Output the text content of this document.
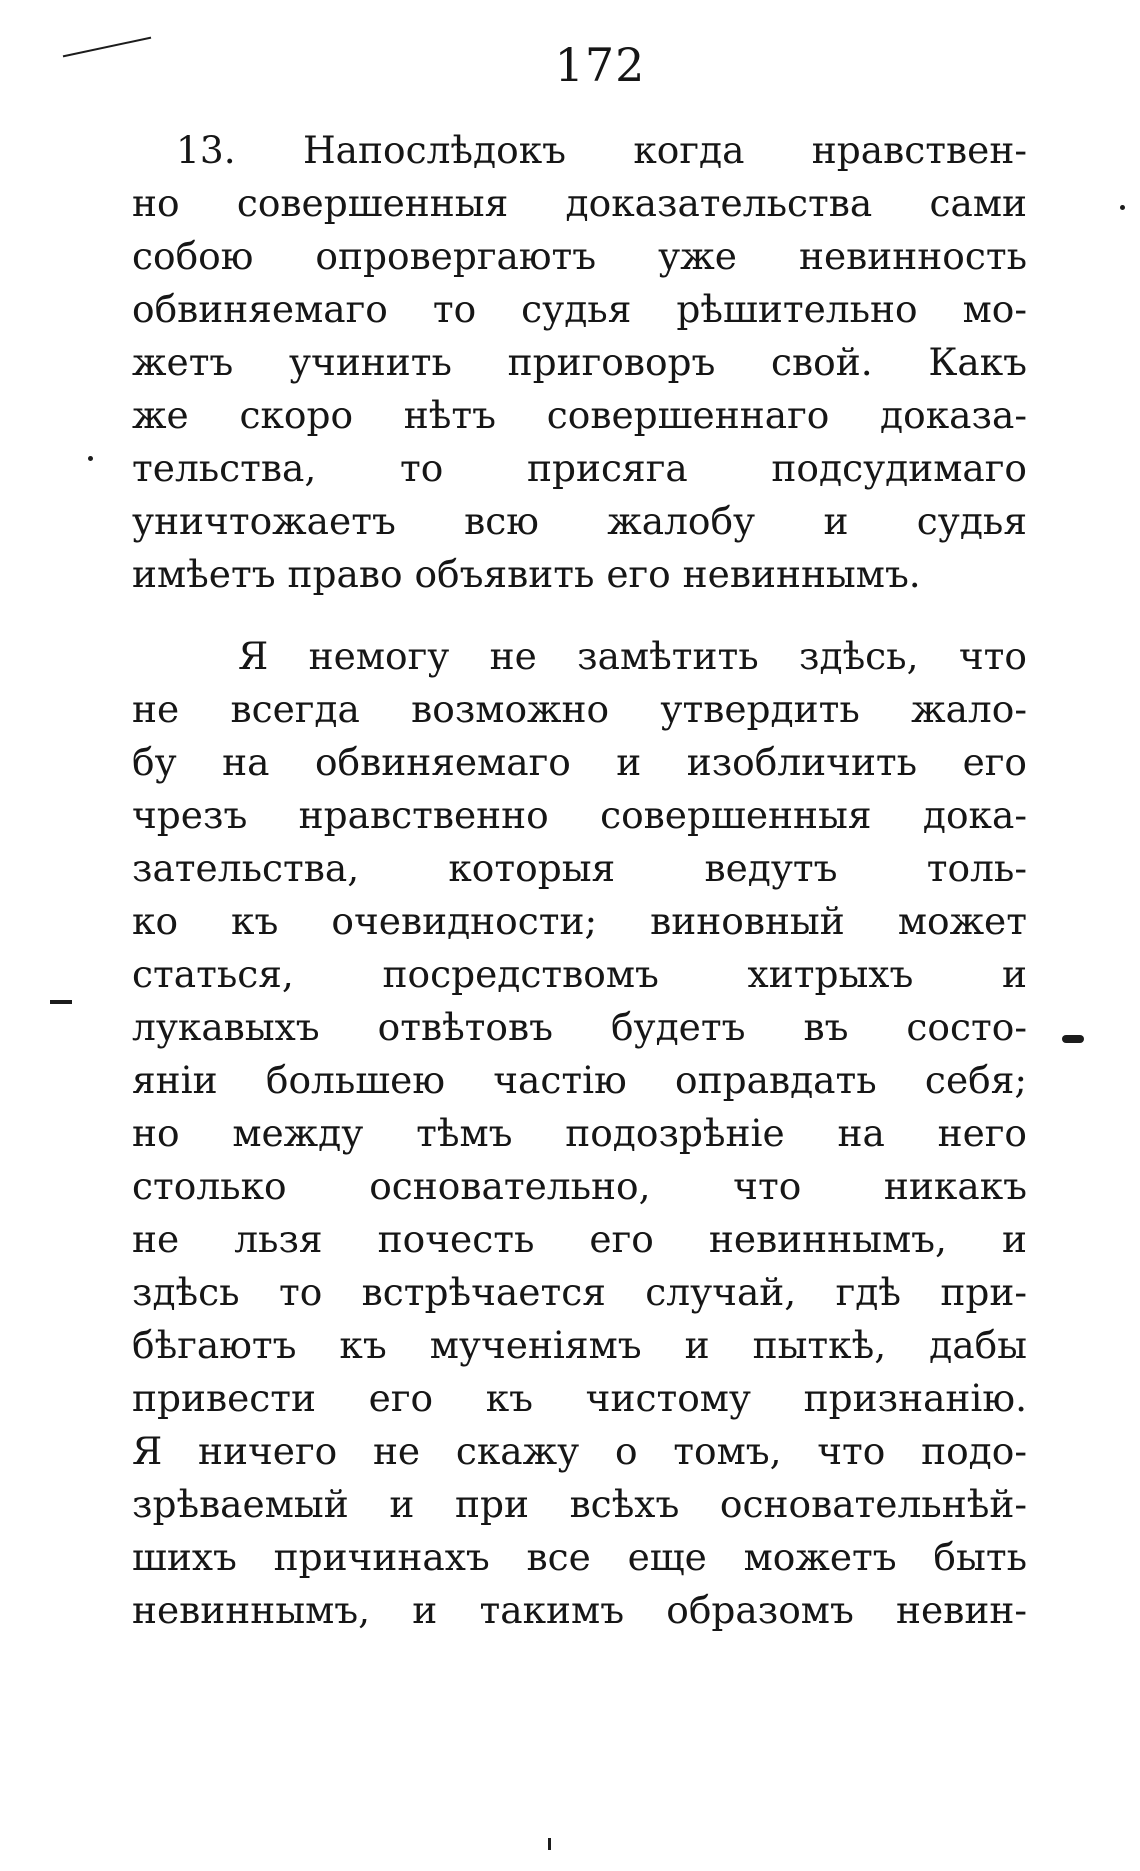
172
13. Напослѣдокъ когда нравствен-
но совершенныя доказательства сами
собою опровергаютъ уже невинность
обвиняемаго то судья рѣшительно мо-
жетъ учинить приговоръ свой. Какъ
же скоро нѣтъ совершеннаго доказа-
тельства, то присяга подсудимаго
уничтожаетъ всю жалобу и судья
имѣетъ право объявить его невиннымъ.
Я немогу не замѣтить здѣсь, что
не всегда возможно утвердить жало-
бу на обвиняемаго и изобличить его
чрезъ нравственно совершенныя дока-
зательства, которыя ведутъ толь-
ко къ очевидности; виновный может
статься, посредствомъ хитрыхъ и
лукавыхъ отвѣтовъ будетъ въ состо-
яніи большею частію оправдать себя;
но между тѣмъ подозрѣніе на него
столько основательно, что никакъ
не льзя почесть его невиннымъ, и
здѣсь то встрѣчается случай, гдѣ при-
бѣгаютъ къ мученіямъ и пыткѣ, дабы
привести его къ чистому признанію.
Я ничего не скажу о томъ, что подо-
зрѣваемый и при всѣхъ основательнѣй-
шихъ причинахъ все еще можетъ быть
невиннымъ, и такимъ образомъ невин-
